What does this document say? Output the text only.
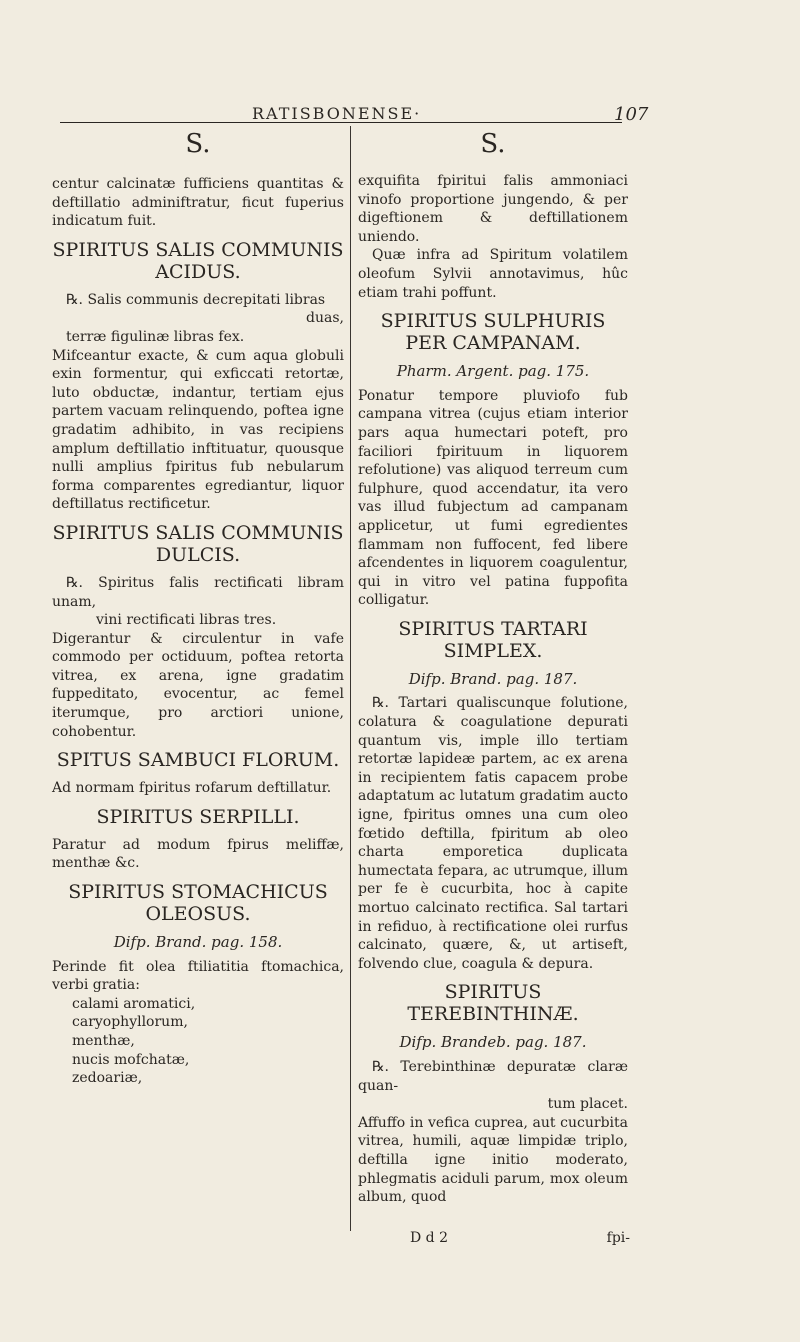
RATISBONENSE·	107
S.

centur calcinatæ fufficiens quantitas & deftillatio adminiftratur, ficut fuperius indicatum fuit.

SPIRITUS SALIS COMMUNIS ACIDUS.

℞. Salis communis decrepitati libras

duas,

terræ figulinæ libras fex.

Mifceantur exacte, & cum aqua globuli exin formentur, qui exficcati retortæ, luto obductæ, indantur, tertiam ejus partem vacuam relinquendo, poftea igne gradatim adhibito, in vas recipiens amplum deftillatio inftituatur, quousque nulli amplius fpiritus fub nebularum forma comparentes egrediantur, liquor deftillatus rectificetur.

SPIRITUS SALIS COMMUNIS DULCIS.

℞. Spiritus falis rectificati libram unam,

vini rectificati libras tres.

Digerantur & circulentur in vafe commodo per octiduum, poftea retorta vitrea, ex arena, igne gradatim fuppeditato, evocentur, ac femel iterumque, pro arctiori unione, cohobentur.

SPITUS SAMBUCI FLORUM.

Ad normam fpiritus rofarum deftillatur.

SPIRITUS SERPILLI.

Paratur ad modum fpirus meliffæ, menthæ &c.

SPIRITUS STOMACHICUS OLEOSUS.

Difp. Brand. pag. 158.

Perinde fit olea ftiliatitia ftomachica, verbi gratia:

calami aromatici,
caryophyllorum,
menthæ,
nucis mofchatæ,
zedoariæ,
S.

exquifita fpiritui falis ammoniaci vinofo proportione jungendo, & per digeftionem & deftillationem uniendo.

Quæ infra ad Spiritum volatilem oleofum Sylvii annotavimus, hûc etiam trahi poffunt.

SPIRITUS SULPHURIS PER CAMPANAM.

Pharm. Argent. pag. 175.

Ponatur tempore pluviofo fub campana vitrea (cujus etiam interior pars aqua humectari poteft, pro faciliori fpirituum in liquorem refolutione) vas aliquod terreum cum fulphure, quod accendatur, ita vero vas illud fubjectum ad campanam applicetur, ut fumi egredientes flammam non fuffocent, fed libere afcendentes in liquorem coagulentur, qui in vitro vel patina fuppofita colligatur.

SPIRITUS TARTARI SIMPLEX.

Difp. Brand. pag. 187.

℞. Tartari qualiscunque folutione, colatura & coagulatione depurati quantum vis, imple illo tertiam retortæ lapideæ partem, ac ex arena in recipientem fatis capacem probe adaptatum ac lutatum gradatim aucto igne, fpiritus omnes una cum oleo fœtido deftilla, fpiritum ab oleo charta emporetica duplicata humectata fepara, ac utrumque, illum per fe è cucurbita, hoc à capite mortuo calcinato rectifica. Sal tartari in refiduo, à rectificatione olei rurfus calcinato, quære, &, ut artiseft, folvendo clue, coagula & depura.

SPIRITUS TEREBINTHINÆ.

Difp. Brandeb. pag. 187.

℞. Terebinthinæ depuratæ claræ quan-

tum placet.

Affuffo in vefica cuprea, aut cucurbita vitrea, humili, aquæ limpidæ triplo, deftilla igne initio moderato, phlegmatis aciduli parum, mox oleum album, quod

D d 2	fpi-
